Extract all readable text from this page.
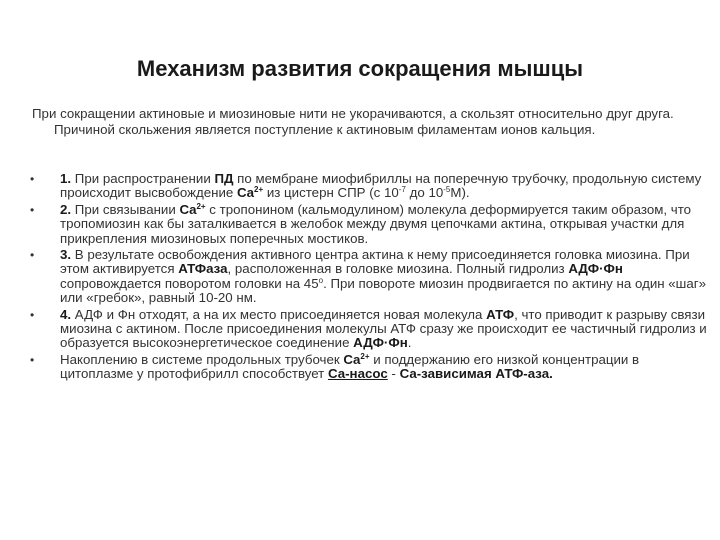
Механизм развития сокращения мышцы

При сокращении актиновые и миозиновые нити не укорачиваются, а скользят относительно друг друга. Причиной скольжения является поступление к актиновым филаментам ионов кальция.

• 1. При распространении ПД по мембране миофибриллы на поперечную трубочку, продольную систему происходит высвобождение $Ca^{2+}$ из цистерн СПР (с $10^{-7}$ до $10^{-5}М$).
• 2. При связывании $Ca^{2+}$ с тропонином (кальмодулином) молекула деформируется таким образом, что тропомиозин как бы заталкивается в желобок между двумя цепочками актина, открывая участки для прикрепления миозиновых поперечных мостиков.
• 3. В результате освобождения активного центра актина к нему присоединяется головка миозина. При этом активируется АТФаза, расположенная в головке миозина. Полный гидролиз АДФ·Фн сопровождается поворотом головки на $45^о$. При повороте миозин продвигается по актину на один «шаг» или «гребок», равный 10-20 нм.
• 4. АДФ и Фн отходят, а на их место присоединяется новая молекула АТФ, что приводит к разрыву связи миозина с актином. После присоединения молекулы АТФ сразу же происходит ее частичный гидролиз и образуется высокоэнергетическое соединение АДФ·Фн.
• Накоплению в системе продольных трубочек $Ca^{2+}$ и поддержанию его низкой концентрации в цитоплазме у протофибрилл способствует Са-насос - Са-зависимая АТФ-аза.
